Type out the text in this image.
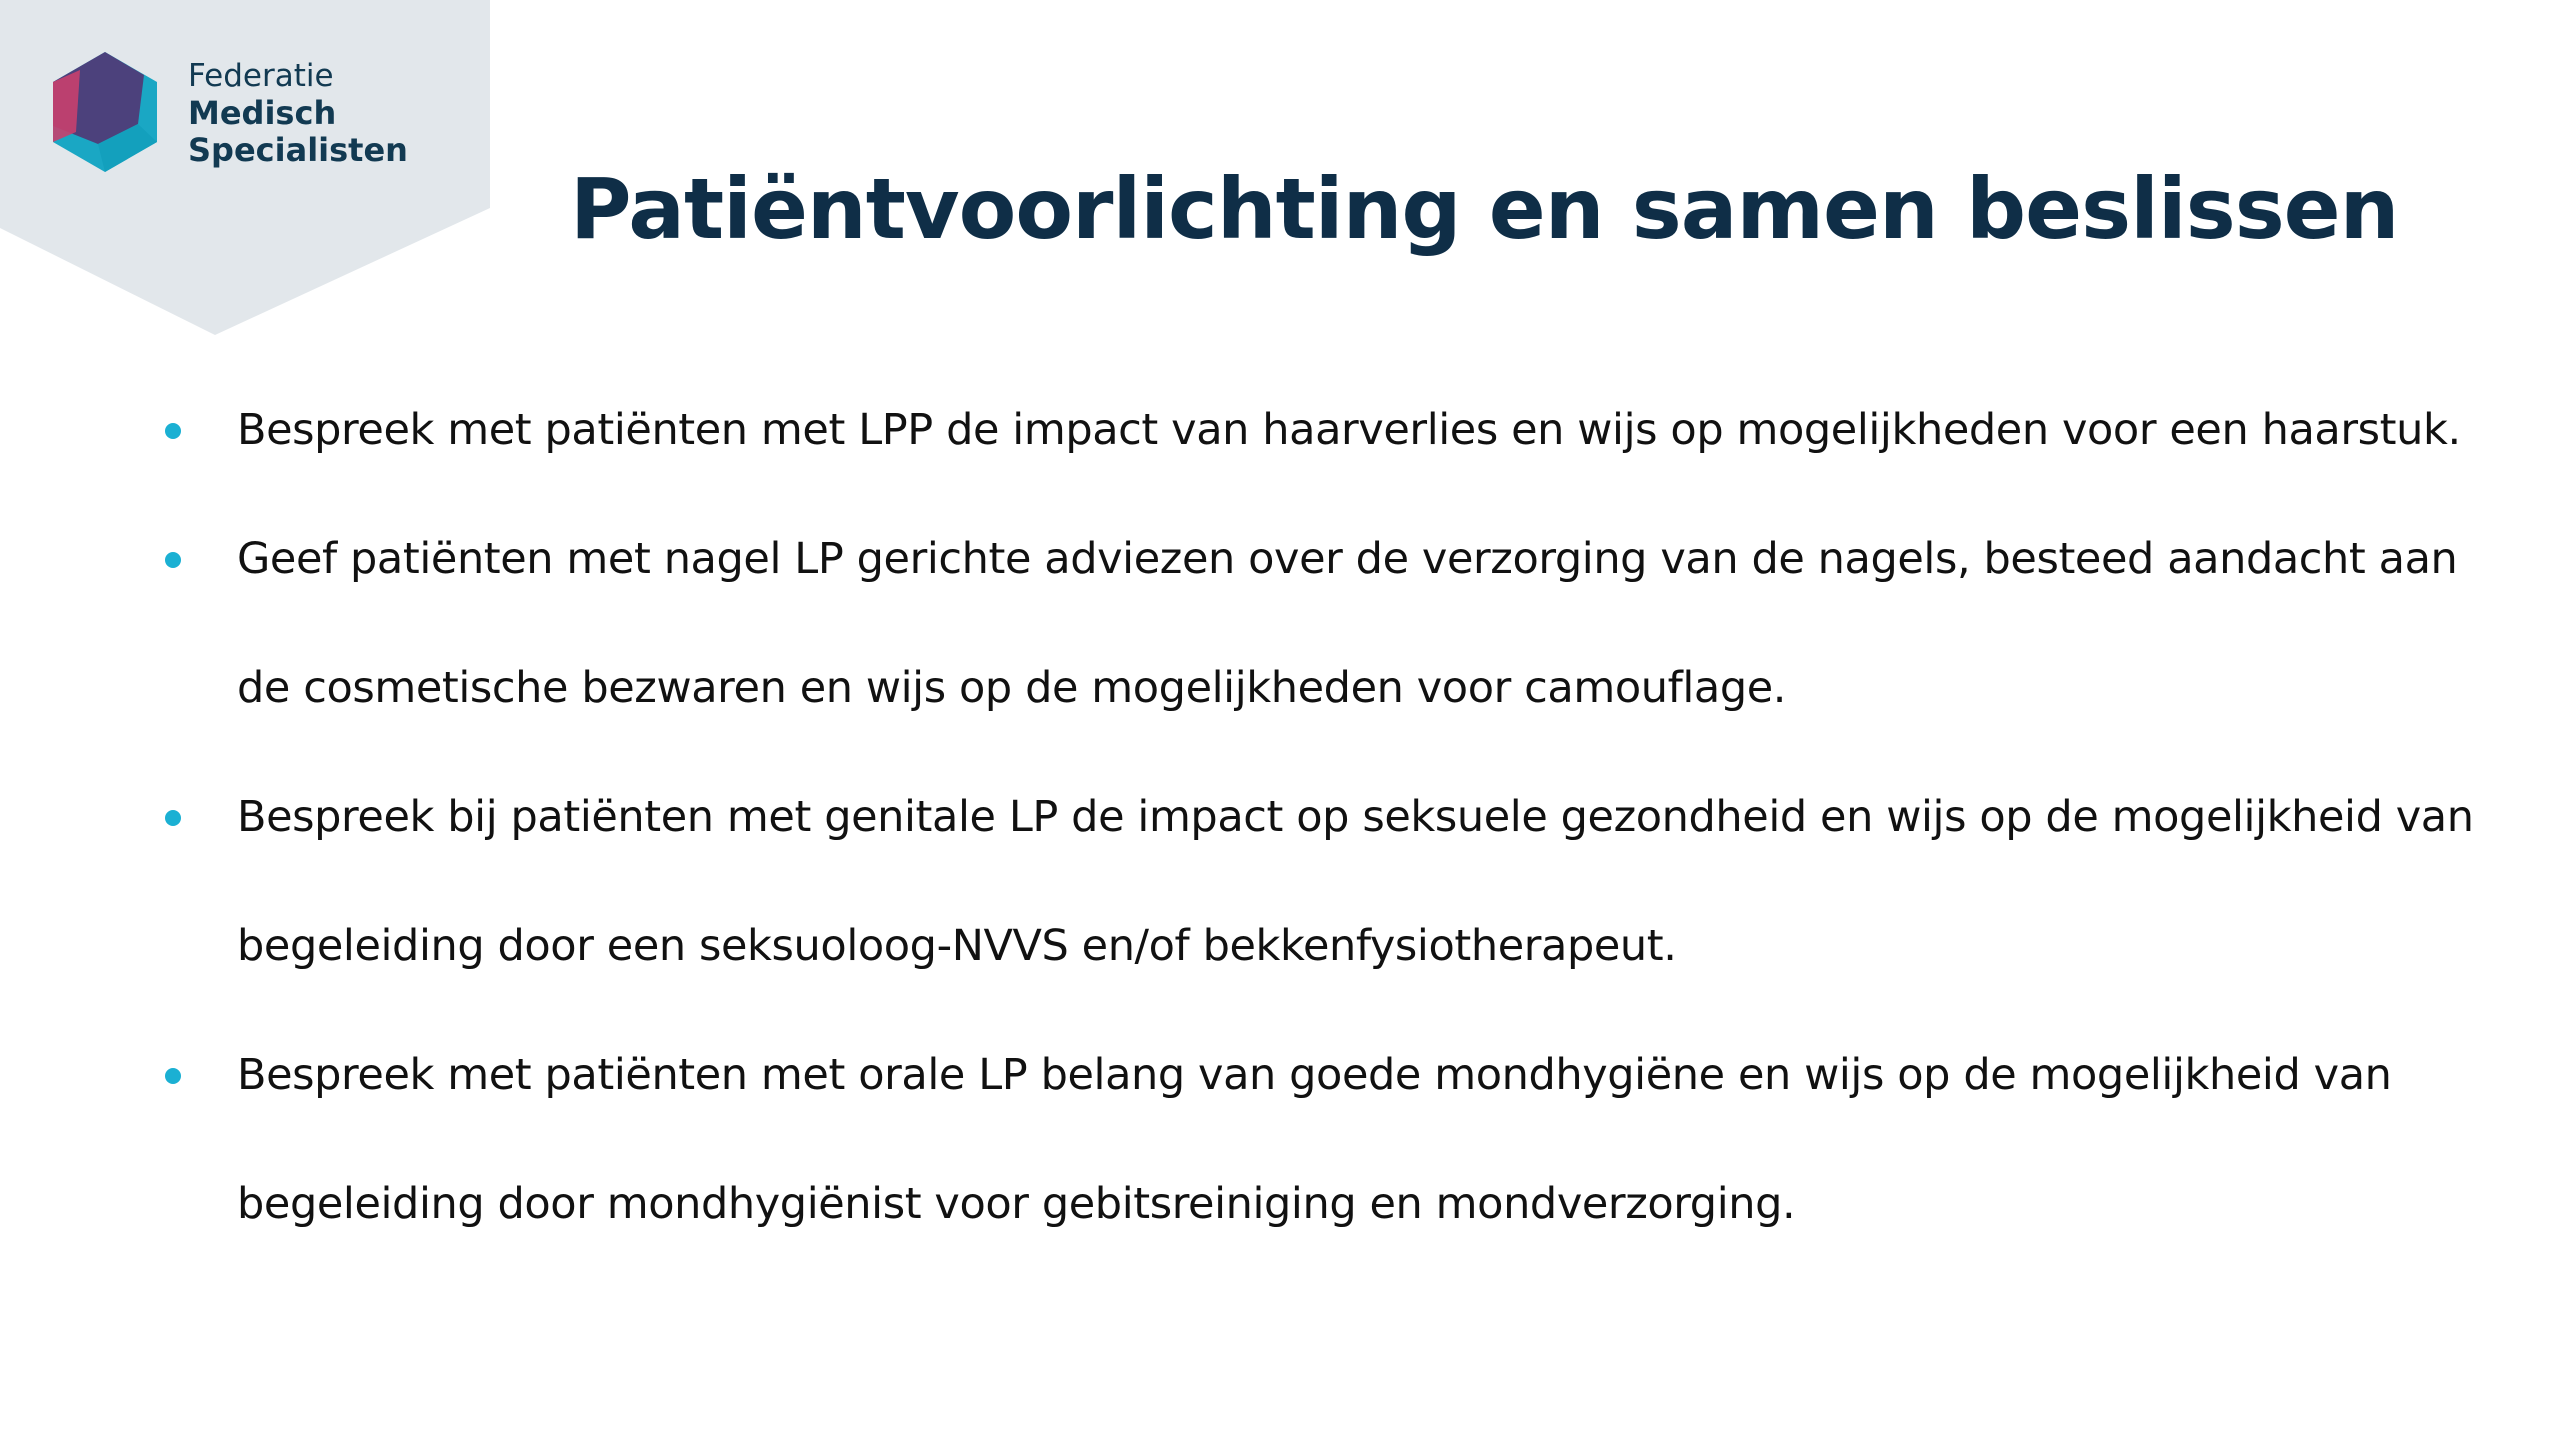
Federatie
Medisch
Specialisten
Patiëntvoorlichting en samen beslissen
Bespreek met patiënten met LPP de impact van haarverlies en wijs op mogelijkheden voor een haarstuk.
Geef patiënten met nagel LP gerichte adviezen over de verzorging van de nagels, besteed aandacht aan de cosmetische bezwaren en wijs op de mogelijkheden voor camouflage.
Bespreek bij patiënten met genitale LP de impact op seksuele gezondheid en wijs op de mogelijkheid van begeleiding door een seksuoloog-NVVS en/of bekkenfysiotherapeut.
Bespreek met patiënten met orale LP belang van goede mondhygiëne en wijs op de mogelijkheid van begeleiding door mondhygiënist voor gebitsreiniging en mondverzorging.
